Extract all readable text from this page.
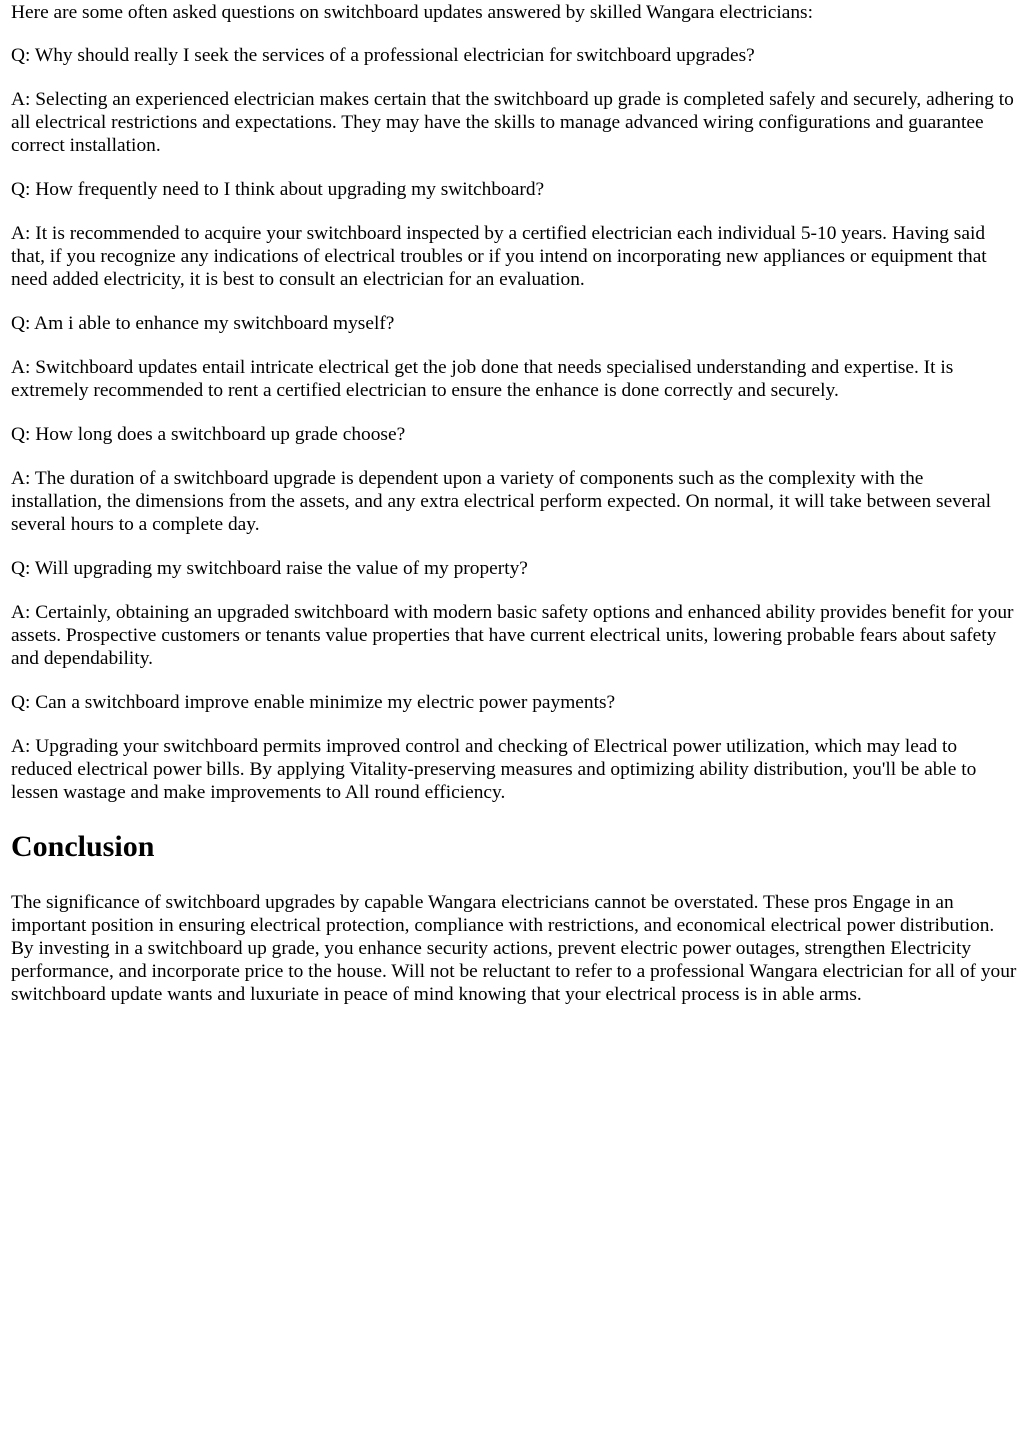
Here are some often asked questions on switchboard updates answered by skilled Wangara electricians:

Q: Why should really I seek the services of a professional electrician for switchboard upgrades?

A: Selecting an experienced electrician makes certain that the switchboard up grade is completed safely and securely, adhering to all electrical restrictions and expectations. They may have the skills to manage advanced wiring configurations and guarantee correct installation.

Q: How frequently need to I think about upgrading my switchboard?

A: It is recommended to acquire your switchboard inspected by a certified electrician each individual 5-10 years. Having said that, if you recognize any indications of electrical troubles or if you intend on incorporating new appliances or equipment that need added electricity, it is best to consult an electrician for an evaluation.

Q: Am i able to enhance my switchboard myself?

A: Switchboard updates entail intricate electrical get the job done that needs specialised understanding and expertise. It is extremely recommended to rent a certified electrician to ensure the enhance is done correctly and securely.

Q: How long does a switchboard up grade choose?

A: The duration of a switchboard upgrade is dependent upon a variety of components such as the complexity with the installation, the dimensions from the assets, and any extra electrical perform expected. On normal, it will take between several several hours to a complete day.

Q: Will upgrading my switchboard raise the value of my property?

A: Certainly, obtaining an upgraded switchboard with modern basic safety options and enhanced ability provides benefit for your assets. Prospective customers or tenants value properties that have current electrical units, lowering probable fears about safety and dependability.

Q: Can a switchboard improve enable minimize my electric power payments?

A: Upgrading your switchboard permits improved control and checking of Electrical power utilization, which may lead to reduced electrical power bills. By applying Vitality-preserving measures and optimizing ability distribution, you'll be able to lessen wastage and make improvements to All round efficiency.

Conclusion

The significance of switchboard upgrades by capable Wangara electricians cannot be overstated. These pros Engage in an important position in ensuring electrical protection, compliance with restrictions, and economical electrical power distribution. By investing in a switchboard up grade, you enhance security actions, prevent electric power outages, strengthen Electricity performance, and incorporate price to the house. Will not be reluctant to refer to a professional Wangara electrician for all of your switchboard update wants and luxuriate in peace of mind knowing that your electrical process is in able arms.
